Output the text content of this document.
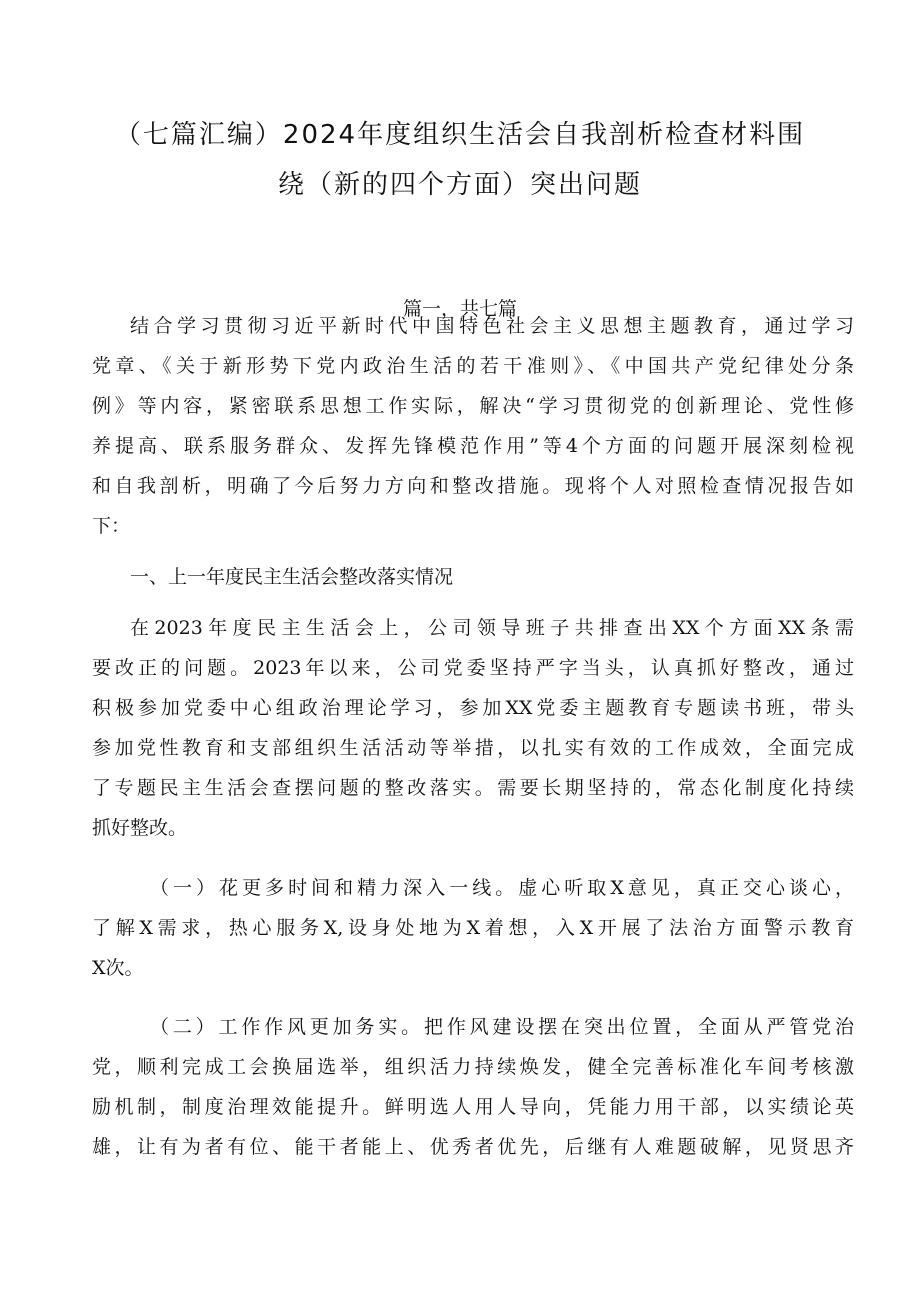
（七篇汇编）2024年度组织生活会自我剖析检查材料围
绕（新的四个方面）突出问题
篇一，共七篇
结合学习贯彻习近平新时代中国特色社会主义思想主题教育，通过学习
党章、《关于新形势下党内政治生活的若干准则》、《中国共产党纪律处分条
例》等内容，紧密联系思想工作实际，解决“学习贯彻党的创新理论、党性修
养提高、联系服务群众、发挥先锋模范作用”等4个方面的问题开展深刻检视
和自我剖析，明确了今后努力方向和整改措施。现将个人对照检查情况报告如
下：
一、上一年度民主生活会整改落实情况
在2023年度民主生活会上，公司领导班子共排查出XX个方面XX条需
要改正的问题。2023年以来，公司党委坚持严字当头，认真抓好整改，通过
积极参加党委中心组政治理论学习，参加XX党委主题教育专题读书班，带头
参加党性教育和支部组织生活活动等举措，以扎实有效的工作成效，全面完成
了专题民主生活会查摆问题的整改落实。需要长期坚持的，常态化制度化持续
抓好整改。
（一）花更多时间和精力深入一线。虚心听取X意见，真正交心谈心，
了解X需求，热心服务X,设身处地为X着想，入X开展了法治方面警示教育
X次。
（二）工作作风更加务实。把作风建设摆在突出位置，全面从严管党治
党，顺利完成工会换届选举，组织活力持续焕发，健全完善标准化车间考核激
励机制，制度治理效能提升。鲜明选人用人导向，凭能力用干部，以实绩论英
雄，让有为者有位、能干者能上、优秀者优先，后继有人难题破解，见贤思齐
